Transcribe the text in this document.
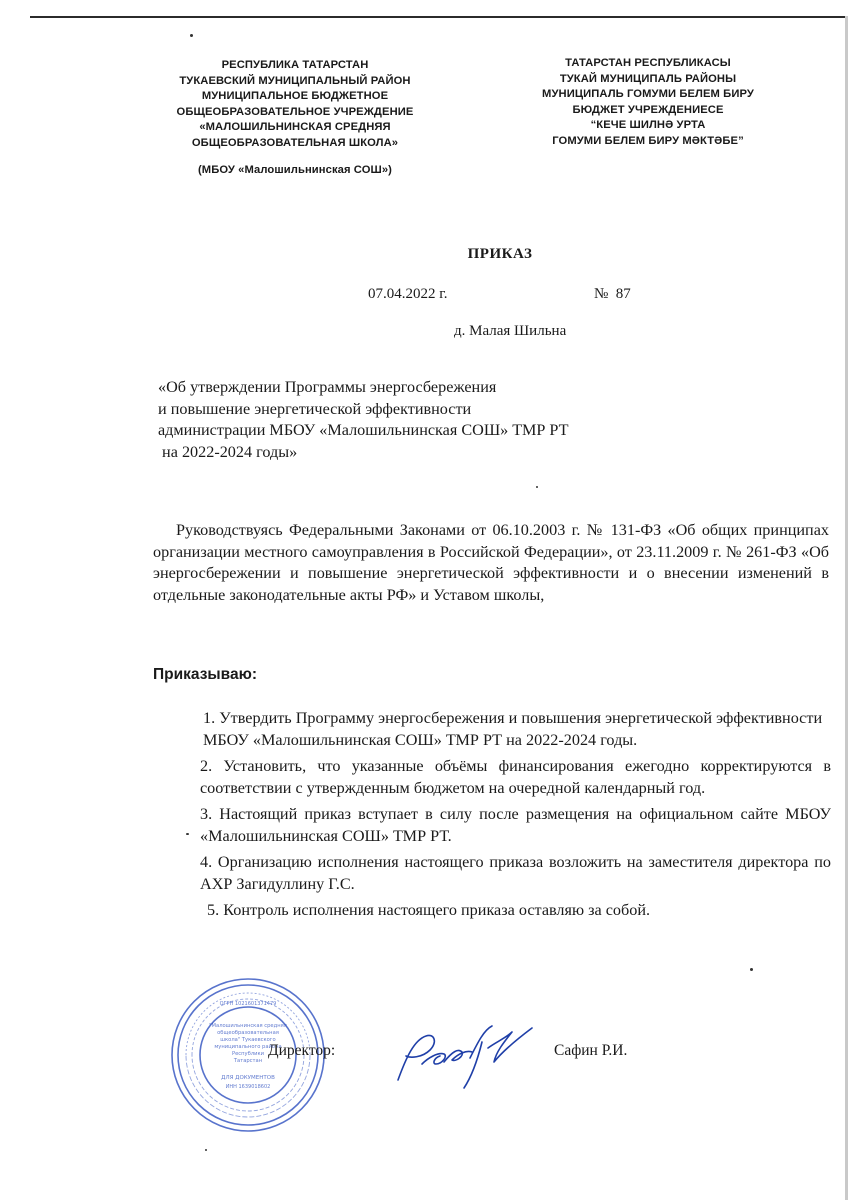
РЕСПУБЛИКА ТАТАРСТАН
ТУКАЕВСКИЙ МУНИЦИПАЛЬНЫЙ РАЙОН
МУНИЦИПАЛЬНОЕ БЮДЖЕТНОЕ
ОБЩЕОБРАЗОВАТЕЛЬНОЕ УЧРЕЖДЕНИЕ
«МАЛОШИЛЬНИНСКАЯ СРЕДНЯЯ
ОБЩЕОБРАЗОВАТЕЛЬНАЯ ШКОЛА»
(МБОУ «Малошильнинская СОШ»)
ТАТАРСТАН РЕСПУБЛИКАСЫ
ТУКАЙ МУНИЦИПАЛЬ РАЙОНЫ
МУНИЦИПАЛЬ ГОМУМИ БЕЛЕМ БИРУ
БЮДЖЕТ УЧРЕЖДЕНИЕСЕ
“КЕЧЕ ШИЛНӘ УРТА
ГОМУМИ БЕЛЕМ БИРУ МӘКТӘБЕ”
ПРИКАЗ
07.04.2022 г.	№  87
д. Малая Шильна
«Об утверждении Программы энергосбережения
и повышение энергетической эффективности
администрации МБОУ «Малошильнинская СОШ» ТМР РТ
на 2022-2024 годы»
Руководствуясь Федеральными Законами от 06.10.2003 г. № 131-ФЗ «Об общих принципах организации местного самоуправления в Российской Федерации», от 23.11.2009 г. № 261-ФЗ «Об энергосбережении и повышение энергетической эффективности и о внесении изменений в отдельные законодательные акты РФ» и Уставом школы,
Приказываю:
1. Утвердить Программу энергосбережения и повышения энергетической эффективности МБОУ «Малошильнинская СОШ» ТМР РТ на 2022-2024 годы.
2. Установить, что указанные объёмы финансирования ежегодно корректируются в соответствии с утвержденным бюджетом на очередной календарный год.
3. Настоящий приказ вступает в силу после размещения на официальном сайте МБОУ «Малошильнинская СОШ» ТМР РТ.
4. Организацию исполнения настоящего приказа возложить на заместителя директора по АХР Загидуллину Г.С.
5. Контроль исполнения настоящего приказа оставляю за собой.
"Малошильнинская средняя
общеобразовательная
школа" Тукаевского
муниципального района
Республики
Татарстан
ДЛЯ ДОКУМЕНТОВ
ИНН 1639018602
ОГРН 1021601371479
Директор:	Сафин Р.И.
